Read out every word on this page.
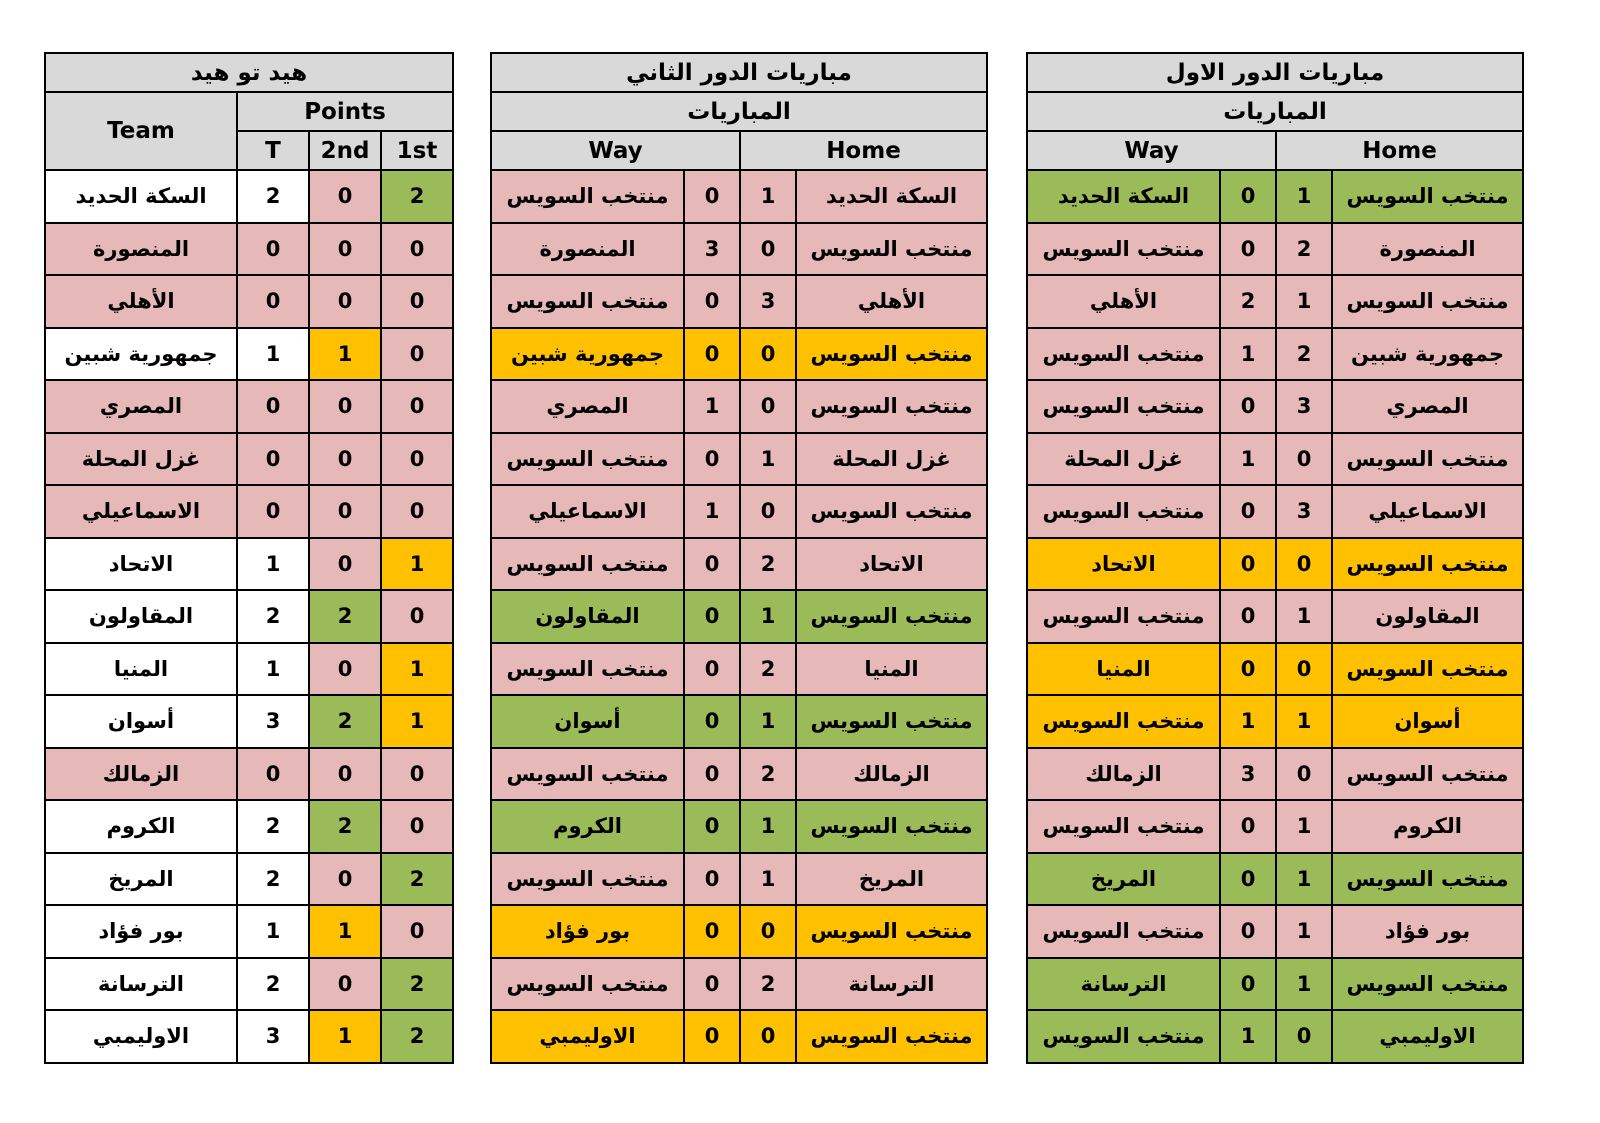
هيد تو هيد			
Team	Points		
	T	2nd	1st
السكة الحديد	2	0	2
المنصورة	0	0	0
الأهلي	0	0	0
جمهورية شبين	1	1	0
المصري	0	0	0
غزل المحلة	0	0	0
الاسماعيلي	0	0	0
الاتحاد	1	0	1
المقاولون	2	2	0
المنيا	1	0	1
أسوان	3	2	1
الزمالك	0	0	0
الكروم	2	2	0
المريخ	2	0	2
بور فؤاد	1	1	0
الترسانة	2	0	2
الاوليمبي	3	1	2
مباريات الدور الثاني			
المباريات			
Way		Home	
منتخب السويس	0	1	السكة الحديد
المنصورة	3	0	منتخب السويس
منتخب السويس	0	3	الأهلي
جمهورية شبين	0	0	منتخب السويس
المصري	1	0	منتخب السويس
منتخب السويس	0	1	غزل المحلة
الاسماعيلي	1	0	منتخب السويس
منتخب السويس	0	2	الاتحاد
المقاولون	0	1	منتخب السويس
منتخب السويس	0	2	المنيا
أسوان	0	1	منتخب السويس
منتخب السويس	0	2	الزمالك
الكروم	0	1	منتخب السويس
منتخب السويس	0	1	المريخ
بور فؤاد	0	0	منتخب السويس
منتخب السويس	0	2	الترسانة
الاوليمبي	0	0	منتخب السويس
مباريات الدور الاول			
المباريات			
Way		Home	
السكة الحديد	0	1	منتخب السويس
منتخب السويس	0	2	المنصورة
الأهلي	2	1	منتخب السويس
منتخب السويس	1	2	جمهورية شبين
منتخب السويس	0	3	المصري
غزل المحلة	1	0	منتخب السويس
منتخب السويس	0	3	الاسماعيلي
الاتحاد	0	0	منتخب السويس
منتخب السويس	0	1	المقاولون
المنيا	0	0	منتخب السويس
منتخب السويس	1	1	أسوان
الزمالك	3	0	منتخب السويس
منتخب السويس	0	1	الكروم
المريخ	0	1	منتخب السويس
منتخب السويس	0	1	بور فؤاد
الترسانة	0	1	منتخب السويس
منتخب السويس	1	0	الاوليمبي
